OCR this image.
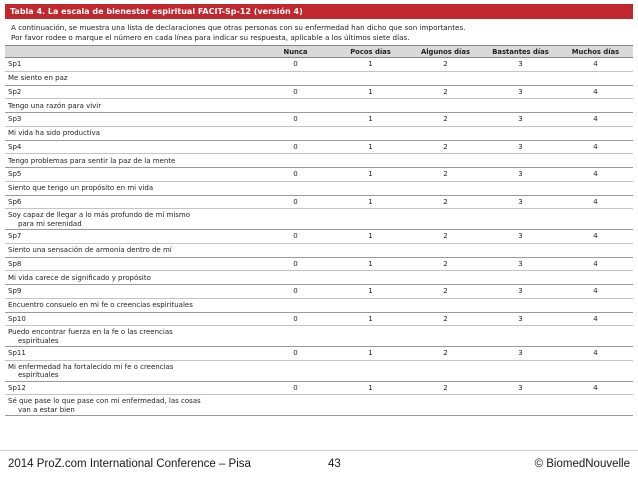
Tabla 4. La escala de bienestar espiritual FACIT-Sp-12 (versión 4)
A continuación, se muestra una lista de declaraciones que otras personas con su enfermedad han dicho que son importantes.
Por favor rodee o marque el número en cada línea para indicar su respuesta, aplicable a los últimos siete días.
	Nunca	Pocos días	Algunos días	Bastantes días	Muchos días
Sp1	0	1	2	3	4
Me siento en paz					
Sp2	0	1	2	3	4
Tengo una razón para vivir					
Sp3	0	1	2	3	4
Mi vida ha sido productiva					
Sp4	0	1	2	3	4
Tengo problemas para sentir la paz de la mente					
Sp5	0	1	2	3	4
Siento que tengo un propósito en mi vida					
Sp6	0	1	2	3	4
Soy capaz de llegar a lo más profundo de mí mismo
para mi serenidad					

Sp7	0	1	2	3	4
Siento una sensación de armonía dentro de mí					
Sp8	0	1	2	3	4
Mi vida carece de significado y propósito					
Sp9	0	1	2	3	4
Encuentro consuelo en mi fe o creencias espirituales					
Sp10	0	1	2	3	4
Puedo encontrar fuerza en la fe o las creencias
espirituales					

Sp11	0	1	2	3	4
Mi enfermedad ha fortalecido mi fe o creencias
espirituales					

Sp12	0	1	2	3	4
Sé que pase lo que pase con mi enfermedad, las cosas
van a estar bien					
2014 ProZ.com International Conference – Pisa	43	© BiomedNouvelle
